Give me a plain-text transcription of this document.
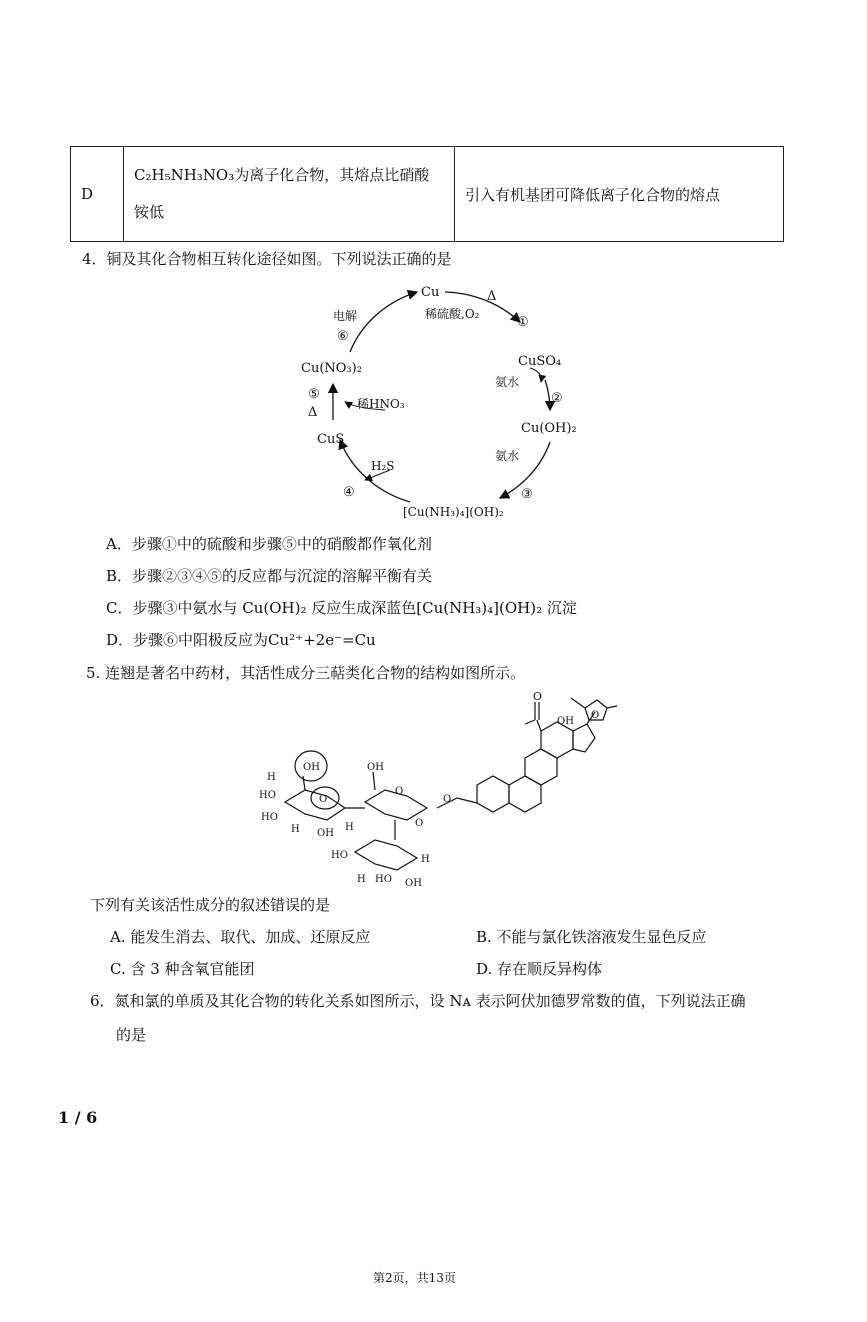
D	C₂H₅NH₃NO₃为离子化合物，其熔点比硝酸铵低	引入有机基团可降低离子化合物的熔点
4．铜及其化合物相互转化途径如图。下列说法正确的是
Cu	Δ
稀硫酸,O₂
①
CuSO₄
氨水
②
Cu(OH)₂
氨水
③
[Cu(NH₃)₄](OH)₂
④
H₂S
CuS
Δ
⑤
稀HNO₃
Cu(NO₃)₂
电解
⑥
A．步骤①中的硫酸和步骤⑤中的硝酸都作氧化剂
B．步骤②③④⑤的反应都与沉淀的溶解平衡有关
C．步骤③中氨水与 Cu(OH)₂ 反应生成深蓝色[Cu(NH₃)₄](OH)₂ 沉淀
D．步骤⑥中阳极反应为Cu²⁺+2e⁻=Cu
5. 连翘是著名中药材，其活性成分三萜类化合物的结构如图所示。
O
O
OH
O
OH	OH
O
O
HO
HO
OH
H
H	H	O
HO
HO OH
H
H
下列有关该活性成分的叙述错误的是
A. 能发生消去、取代、加成、还原反应	B. 不能与氯化铁溶液发生显色反应
C. 含 3 种含氧官能团	D. 存在顺反异构体
6．氮和氯的单质及其化合物的转化关系如图所示，设 Nᴀ 表示阿伏加德罗常数的值，下列说法正确
的是
1 / 6
第2页，共13页
